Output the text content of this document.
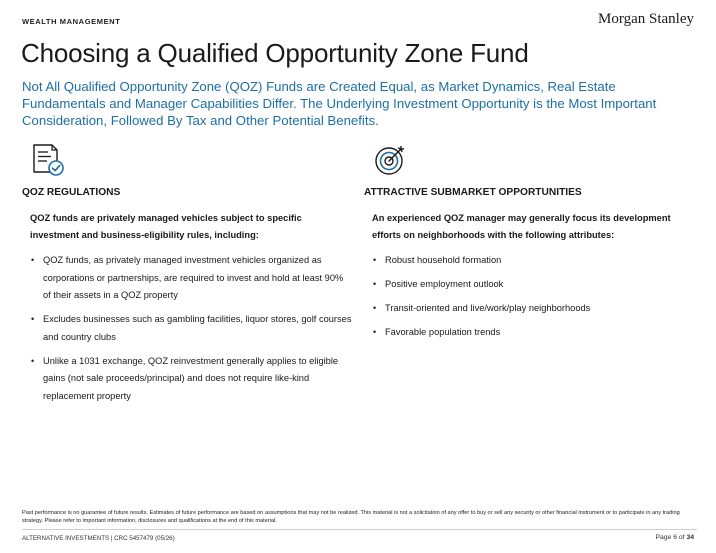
WEALTH MANAGEMENT	Morgan Stanley
Choosing a Qualified Opportunity Zone Fund

Not All Qualified Opportunity Zone (QOZ) Funds are Created Equal, as Market Dynamics, Real Estate Fundamentals and Manager Capabilities Differ. The Underlying Investment Opportunity is the Most Important Consideration, Followed By Tax and Other Potential Benefits.

QOZ REGULATIONS
QOZ funds are privately managed vehicles subject to specific investment and business-eligibility rules, including:
• QOZ funds, as privately managed investment vehicles organized as corporations or partnerships, are required to invest and hold at least 90% of their assets in a QOZ property
• Excludes businesses such as gambling facilities, liquor stores, golf courses and country clubs
• Unlike a 1031 exchange, QOZ reinvestment generally applies to eligible gains (not sale proceeds/principal) and does not require like-kind replacement property
ATTRACTIVE SUBMARKET OPPORTUNITIES
An experienced QOZ manager may generally focus its development efforts on neighborhoods with the following attributes:
• Robust household formation
• Positive employment outlook
• Transit-oriented and live/work/play neighborhoods
• Favorable population trends
Past performance is no guarantee of future results. Estimates of future performance are based on assumptions that may not be realized. This material is not a solicitation of any offer to buy or sell any security or other financial instrument or to participate in any trading strategy. Please refer to important information, disclosures and qualifications at the end of this material.
ALTERNATIVE INVESTMENTS | CRC 5457479 (05/26)	Page 6 of 34
